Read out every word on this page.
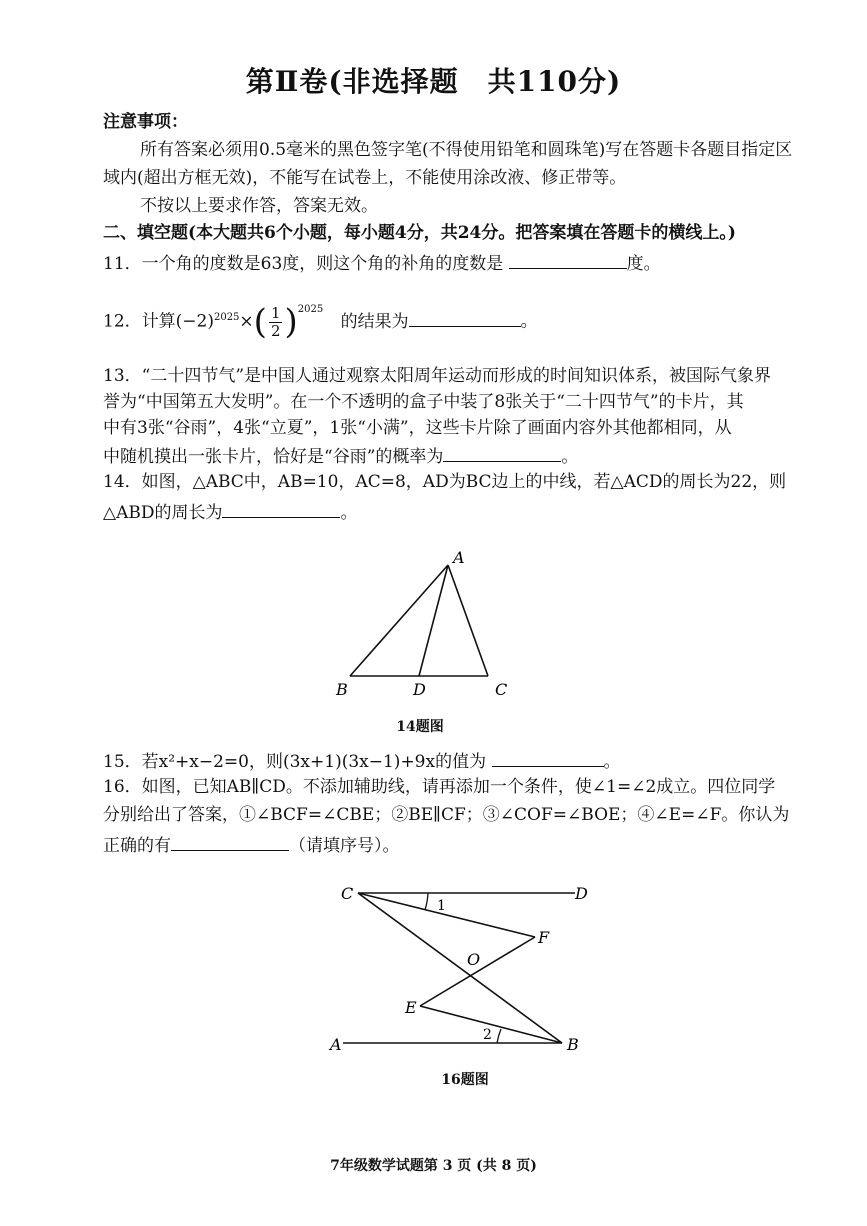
第Ⅱ卷(非选择题　共110分)
注意事项：
所有答案必须用0.5毫米的黑色签字笔(不得使用铅笔和圆珠笔)写在答题卡各题目指定区
域内(超出方框无效)，不能写在试卷上，不能使用涂改液、修正带等。
不按以上要求作答，答案无效。
二、填空题(本大题共6个小题，每小题4分，共24分。把答案填在答题卡的横线上。)
11．一个角的度数是63度，则这个角的补角的度数是	度。
12．计算$(-2)^{2025}\times( \frac{1}{2} )^{2025}$ 的结果为	。
13．“二十四节气”是中国人通过观察太阳周年运动而形成的时间知识体系，被国际气象界
誉为“中国第五大发明”。在一个不透明的盒子中装了8张关于“二十四节气”的卡片，其
中有3张“谷雨”，4张“立夏”，1张“小满”，这些卡片除了画面内容外其他都相同，从
中随机摸出一张卡片，恰好是“谷雨”的概率为	。
14．如图，△ABC中，AB=10，AC=8，AD为BC边上的中线，若△ACD的周长为22，则
△ABD的周长为	。
A
B	D	C
14题图
15．若x²+x−2=0，则(3x+1)(3x−1)+9x的值为	。
16．如图，已知AB∥CD。不添加辅助线，请再添加一个条件，使∠1=∠2成立。四位同学
分别给出了答案，①∠BCF=∠CBE；②BE∥CF；③∠COF=∠BOE；④∠E=∠F。你认为
正确的有	（请填序号）。
C	D
F
O
E
A	B
1
2
16题图
7年级数学试题第 3 页 (共 8 页)
